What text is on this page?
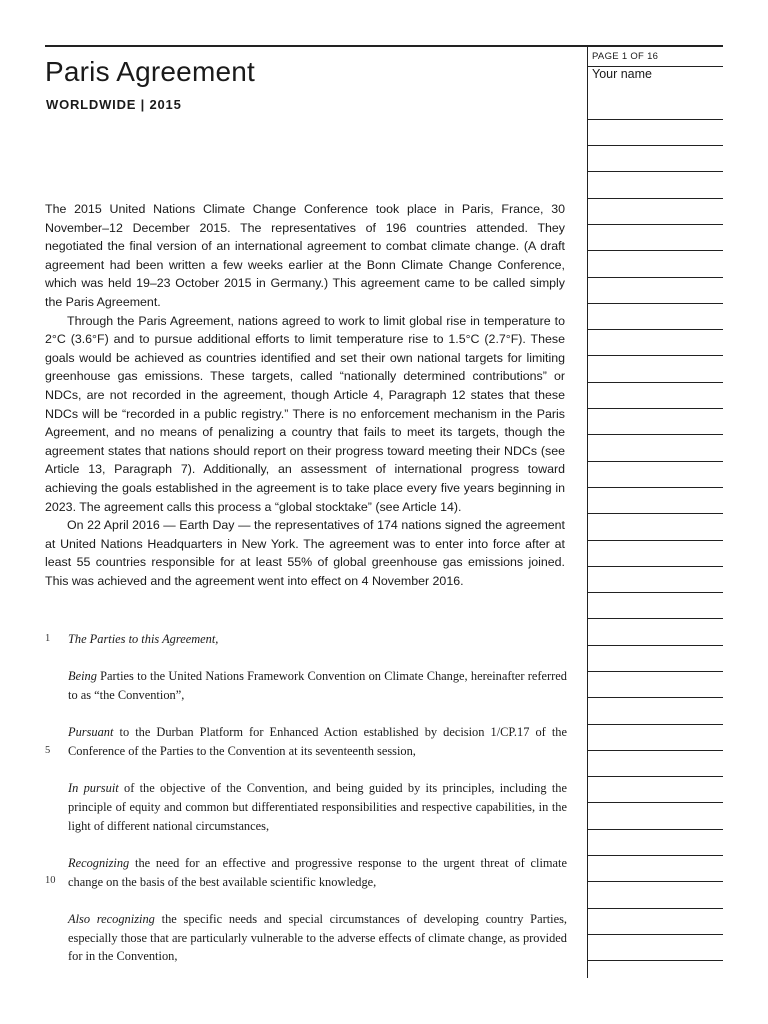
Paris Agreement
WORLDWIDE | 2015

The 2015 United Nations Climate Change Conference took place in Paris, France, 30 November–12 December 2015. The representatives of 196 countries attended. They negotiated the final version of an international agreement to combat climate change. (A draft agreement had been written a few weeks earlier at the Bonn Climate Change Conference, which was held 19–23 October 2015 in Germany.) This agreement came to be called simply the Paris Agreement.

Through the Paris Agreement, nations agreed to work to limit global rise in temperature to 2°C (3.6°F) and to pursue additional efforts to limit temperature rise to 1.5°C (2.7°F). These goals would be achieved as countries identified and set their own national targets for limiting greenhouse gas emissions. These targets, called “nationally determined contributions” or NDCs, are not recorded in the agreement, though Article 4, Paragraph 12 states that these NDCs will be “recorded in a public registry.” There is no enforcement mechanism in the Paris Agreement, and no means of penalizing a country that fails to meet its targets, though the agreement states that nations should report on their progress toward meeting their NDCs (see Article 13, Paragraph 7). Additionally, an assessment of international progress toward achieving the goals established in the agreement is to take place every five years beginning in 2023. The agreement calls this process a “global stocktake” (see Article 14).

On 22 April 2016 — Earth Day — the representatives of 174 nations signed the agreement at United Nations Headquarters in New York. The agreement was to enter into force after at least 55 countries responsible for at least 55% of global greenhouse gas emissions joined. This was achieved and the agreement went into effect on 4 November 2016.

1
5
10

The Parties to this Agreement,

Being Parties to the United Nations Framework Convention on Climate Change, hereinafter referred to as “the Convention”,

Pursuant to the Durban Platform for Enhanced Action established by decision 1/CP.17 of the Conference of the Parties to the Convention at its seventeenth session,

In pursuit of the objective of the Convention, and being guided by its principles, including the principle of equity and common but differentiated responsibilities and respective capabilities, in the light of different national circumstances,

Recognizing the need for an effective and progressive response to the urgent threat of climate change on the basis of the best available scientific knowledge,

Also recognizing the specific needs and special circumstances of developing country Parties, especially those that are particularly vulnerable to the adverse effects of climate change, as provided for in the Convention,

PAGE 1 OF 16
Your name
